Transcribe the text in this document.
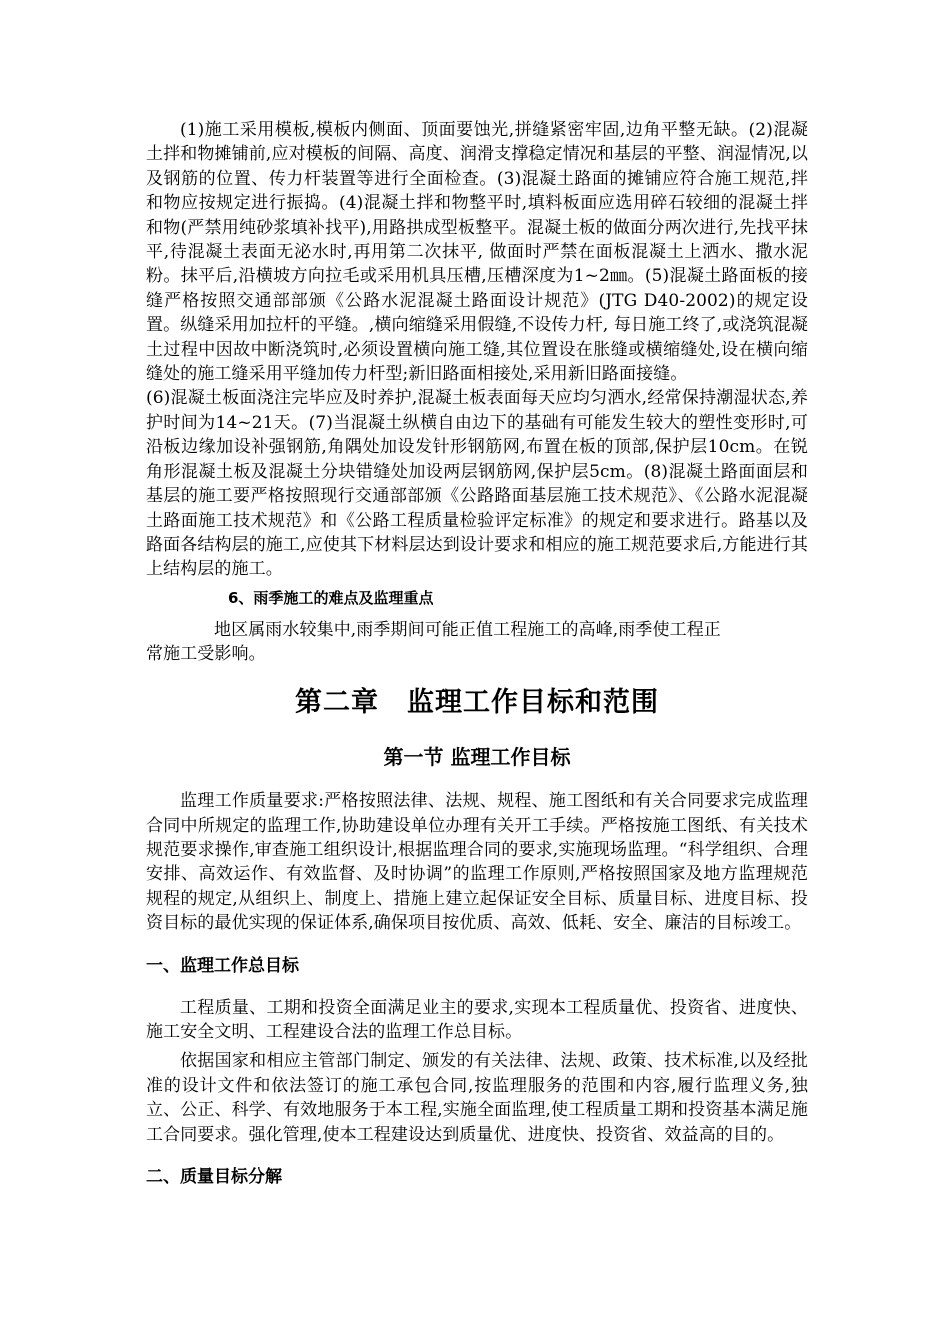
(1)施工采用模板,模板内侧面、顶面要蚀光,拼缝紧密牢固,边角平整无缺。(2)混凝土拌和物摊铺前,应对模板的间隔、高度、润滑支撑稳定情况和基层的平整、润湿情况,以及钢筋的位置、传力杆装置等进行全面检查。(3)混凝土路面的摊铺应符合施工规范,拌和物应按规定进行振捣。(4)混凝土拌和物整平时,填料板面应选用碎石较细的混凝土拌和物(严禁用纯砂浆填补找平),用路拱成型板整平。混凝土板的做面分两次进行,先找平抹平,待混凝土表面无泌水时,再用第二次抹平, 做面时严禁在面板混凝土上洒水、撒水泥粉。抹平后,沿横坡方向拉毛或采用机具压槽,压槽深度为1~2㎜。(5)混凝土路面板的接缝严格按照交通部部颁《公路水泥混凝土路面设计规范》(JTG D40-2002)的规定设置。纵缝采用加拉杆的平缝。,横向缩缝采用假缝,不设传力杆, 每日施工终了,或浇筑混凝土过程中因故中断浇筑时,必须设置横向施工缝,其位置设在胀缝或横缩缝处,设在横向缩缝处的施工缝采用平缝加传力杆型;新旧路面相接处,采用新旧路面接缝。

(6)混凝土板面浇注完毕应及时养护,混凝土板表面每天应均匀洒水,经常保持潮湿状态,养护时间为14~21天。(7)当混凝土纵横自由边下的基础有可能发生较大的塑性变形时,可沿板边缘加设补强钢筋,角隅处加设发针形钢筋网,布置在板的顶部,保护层10cm。在锐角形混凝土板及混凝土分块错缝处加设两层钢筋网,保护层5cm。(8)混凝土路面面层和基层的施工要严格按照现行交通部部颁《公路路面基层施工技术规范》、《公路水泥混凝土路面施工技术规范》和《公路工程质量检验评定标准》的规定和要求进行。路基以及路面各结构层的施工,应使其下材料层达到设计要求和相应的施工规范要求后,方能进行其上结构层的施工。

6、雨季施工的难点及监理重点

地区属雨水较集中,雨季期间可能正值工程施工的高峰,雨季使工程正

常施工受影响。

第二章　监理工作目标和范围
第一节 监理工作目标

监理工作质量要求:严格按照法律、法规、规程、施工图纸和有关合同要求完成监理合同中所规定的监理工作,协助建设单位办理有关开工手续。严格按施工图纸、有关技术规范要求操作,审查施工组织设计,根据监理合同的要求,实施现场监理。“科学组织、合理安排、高效运作、有效监督、及时协调”的监理工作原则,严格按照国家及地方监理规范规程的规定,从组织上、制度上、措施上建立起保证安全目标、质量目标、进度目标、投资目标的最优实现的保证体系,确保项目按优质、高效、低耗、安全、廉洁的目标竣工。

一、监理工作总目标

工程质量、工期和投资全面满足业主的要求,实现本工程质量优、投资省、进度快、施工安全文明、工程建设合法的监理工作总目标。

依据国家和相应主管部门制定、颁发的有关法律、法规、政策、技术标准,以及经批准的设计文件和依法签订的施工承包合同,按监理服务的范围和内容,履行监理义务,独立、公正、科学、有效地服务于本工程,实施全面监理,使工程质量工期和投资基本满足施工合同要求。强化管理,使本工程建设达到质量优、进度快、投资省、效益高的目的。

二、质量目标分解
